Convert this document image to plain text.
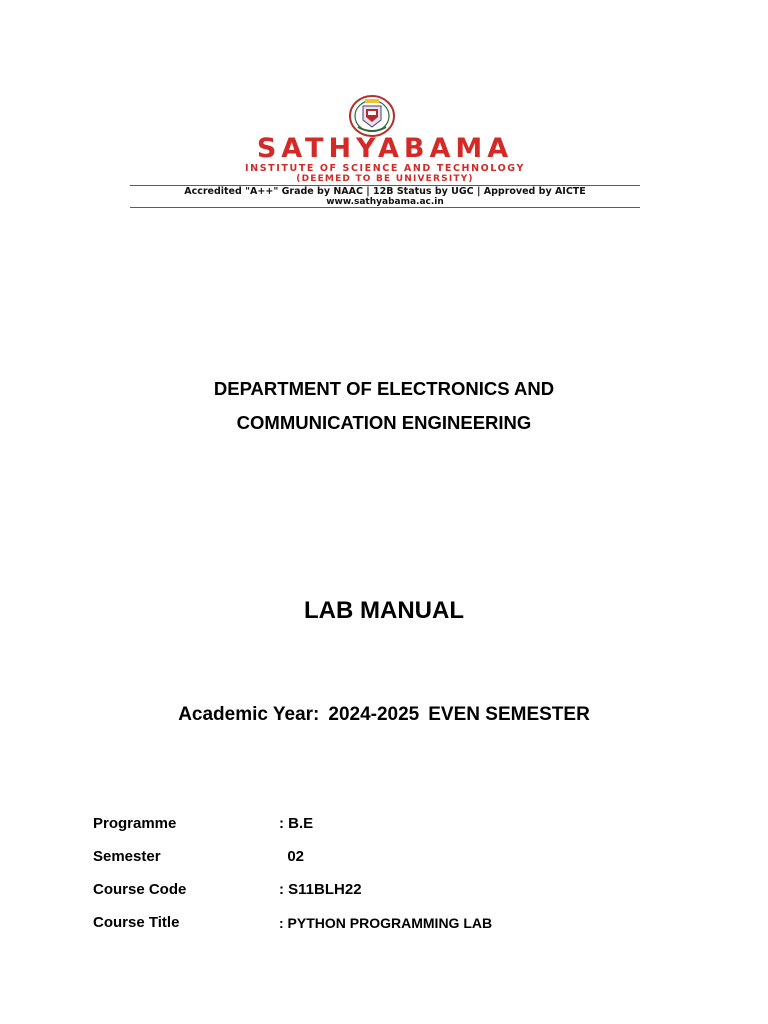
SATHYABAMA
INSTITUTE OF SCIENCE AND TECHNOLOGY
(DEEMED TO BE UNIVERSITY)
Accredited "A++" Grade by NAAC | 12B Status by UGC | Approved by AICTE
www.sathyabama.ac.in
DEPARTMENT OF ELECTRONICS AND
COMMUNICATION ENGINEERING
LAB MANUAL
Academic Year: 2024-2025 EVEN SEMESTER
Programme	: B.E
Semester	02
Course Code	: S11BLH22
Course Title	: PYTHON PROGRAMMING LAB
